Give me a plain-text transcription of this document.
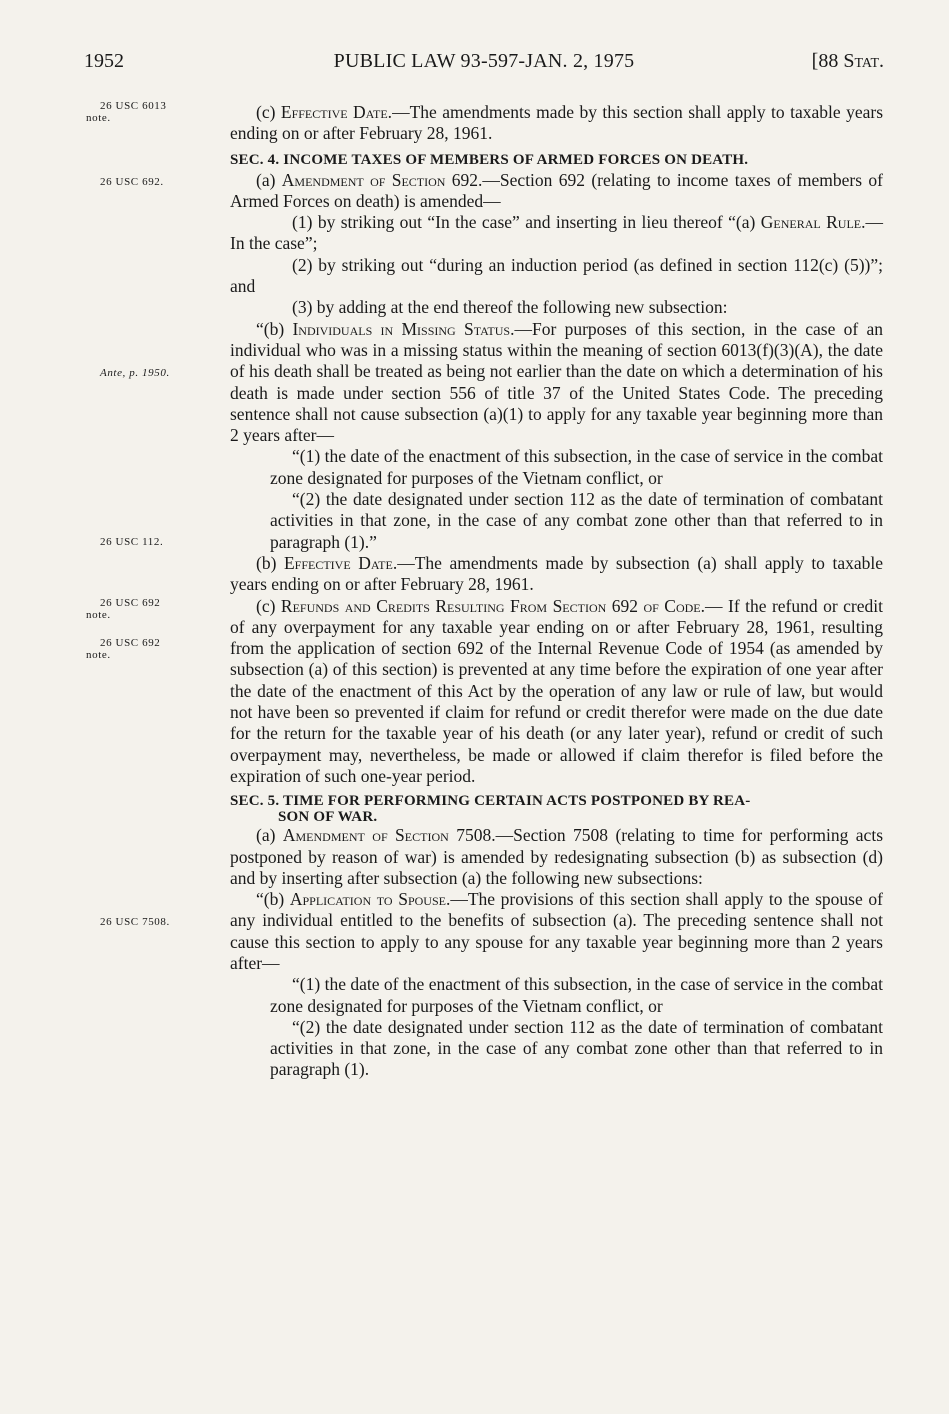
1952	PUBLIC LAW 93-597-JAN. 2, 1975	[88 Stat.
26 USC 6013
note.
26 USC 692.
Ante, p. 1950.
26 USC 112.
26 USC 692
note.
26 USC 692
note.
26 USC 7508.

(c) Effective Date.—The amendments made by this section shall apply to taxable years ending on or after February 28, 1961.

SEC. 4. INCOME TAXES OF MEMBERS OF ARMED FORCES ON DEATH.

(a) Amendment of Section 692.—Section 692 (relating to income taxes of members of Armed Forces on death) is amended—

(1) by striking out “In the case” and inserting in lieu thereof “(a) General Rule.—In the case”;

(2) by striking out “during an induction period (as defined in section 112(c) (5))”; and

(3) by adding at the end thereof the following new subsection:

“(b) Individuals in Missing Status.—For purposes of this section, in the case of an individual who was in a missing status within the meaning of section 6013(f)(3)(A), the date of his death shall be treated as being not earlier than the date on which a determination of his death is made under section 556 of title 37 of the United States Code. The preceding sentence shall not cause subsection (a)(1) to apply for any taxable year beginning more than 2 years after—

“(1) the date of the enactment of this subsection, in the case of service in the combat zone designated for purposes of the Vietnam conflict, or

“(2) the date designated under section 112 as the date of termination of combatant activities in that zone, in the case of any combat zone other than that referred to in paragraph (1).”

(b) Effective Date.—The amendments made by subsection (a) shall apply to taxable years ending on or after February 28, 1961.

(c) Refunds and Credits Resulting From Section 692 of Code.— If the refund or credit of any overpayment for any taxable year ending on or after February 28, 1961, resulting from the application of section 692 of the Internal Revenue Code of 1954 (as amended by subsection (a) of this section) is prevented at any time before the expiration of one year after the date of the enactment of this Act by the operation of any law or rule of law, but would not have been so prevented if claim for refund or credit therefor were made on the due date for the return for the taxable year of his death (or any later year), refund or credit of such overpayment may, nevertheless, be made or allowed if claim therefor is filed before the expiration of such one-year period.

SEC. 5. TIME FOR PERFORMING CERTAIN ACTS POSTPONED BY REA-
SON OF WAR.

(a) Amendment of Section 7508.—Section 7508 (relating to time for performing acts postponed by reason of war) is amended by redesignating subsection (b) as subsection (d) and by inserting after subsection (a) the following new subsections:

“(b) Application to Spouse.—The provisions of this section shall apply to the spouse of any individual entitled to the benefits of subsection (a). The preceding sentence shall not cause this section to apply to any spouse for any taxable year beginning more than 2 years after—

“(1) the date of the enactment of this subsection, in the case of service in the combat zone designated for purposes of the Vietnam conflict, or

“(2) the date designated under section 112 as the date of termination of combatant activities in that zone, in the case of any combat zone other than that referred to in paragraph (1).
